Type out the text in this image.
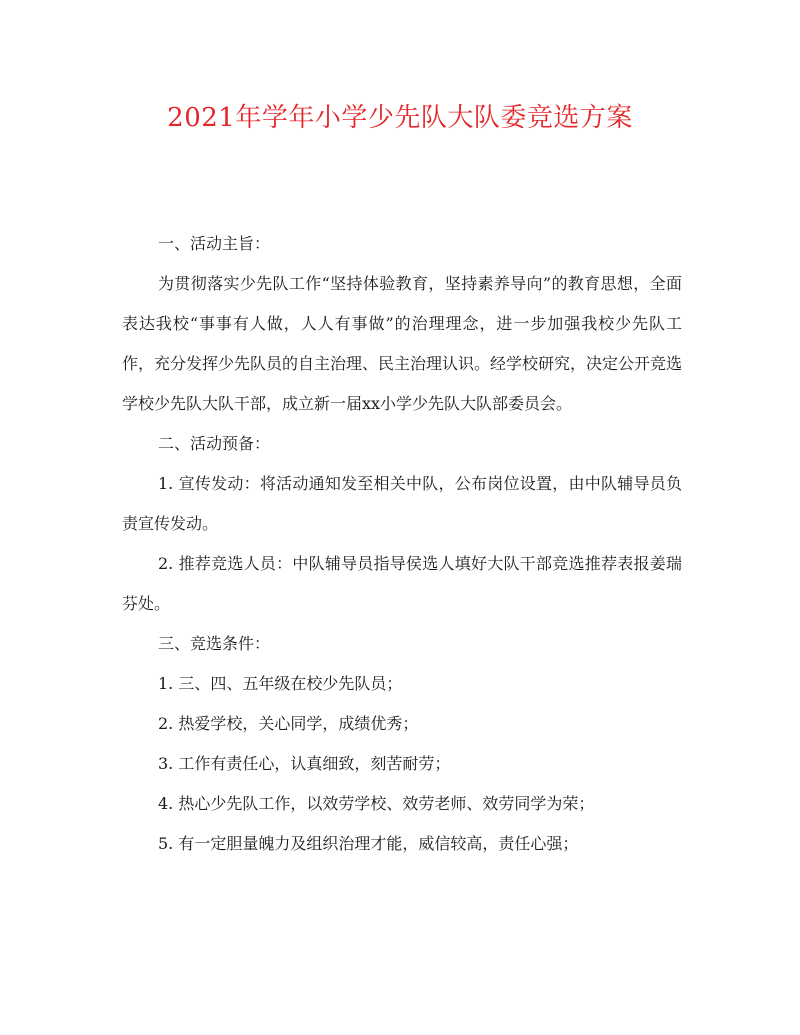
2021年学年小学少先队大队委竞选方案

一、活动主旨：

为贯彻落实少先队工作“坚持体验教育，坚持素养导向”的教育思想，全面表达我校“事事有人做，人人有事做”的治理理念，进一步加强我校少先队工作，充分发挥少先队员的自主治理、民主治理认识。经学校研究，决定公开竞选学校少先队大队干部，成立新一届xx小学少先队大队部委员会。

二、活动预备：

1. 宣传发动：将活动通知发至相关中队，公布岗位设置，由中队辅导员负责宣传发动。

2. 推荐竞选人员：中队辅导员指导侯选人填好大队干部竞选推荐表报姜瑞芬处。

三、竞选条件：

1. 三、四、五年级在校少先队员；

2. 热爱学校，关心同学，成绩优秀；

3. 工作有责任心，认真细致，刻苦耐劳；

4. 热心少先队工作，以效劳学校、效劳老师、效劳同学为荣；

5. 有一定胆量魄力及组织治理才能，威信较高，责任心强；
